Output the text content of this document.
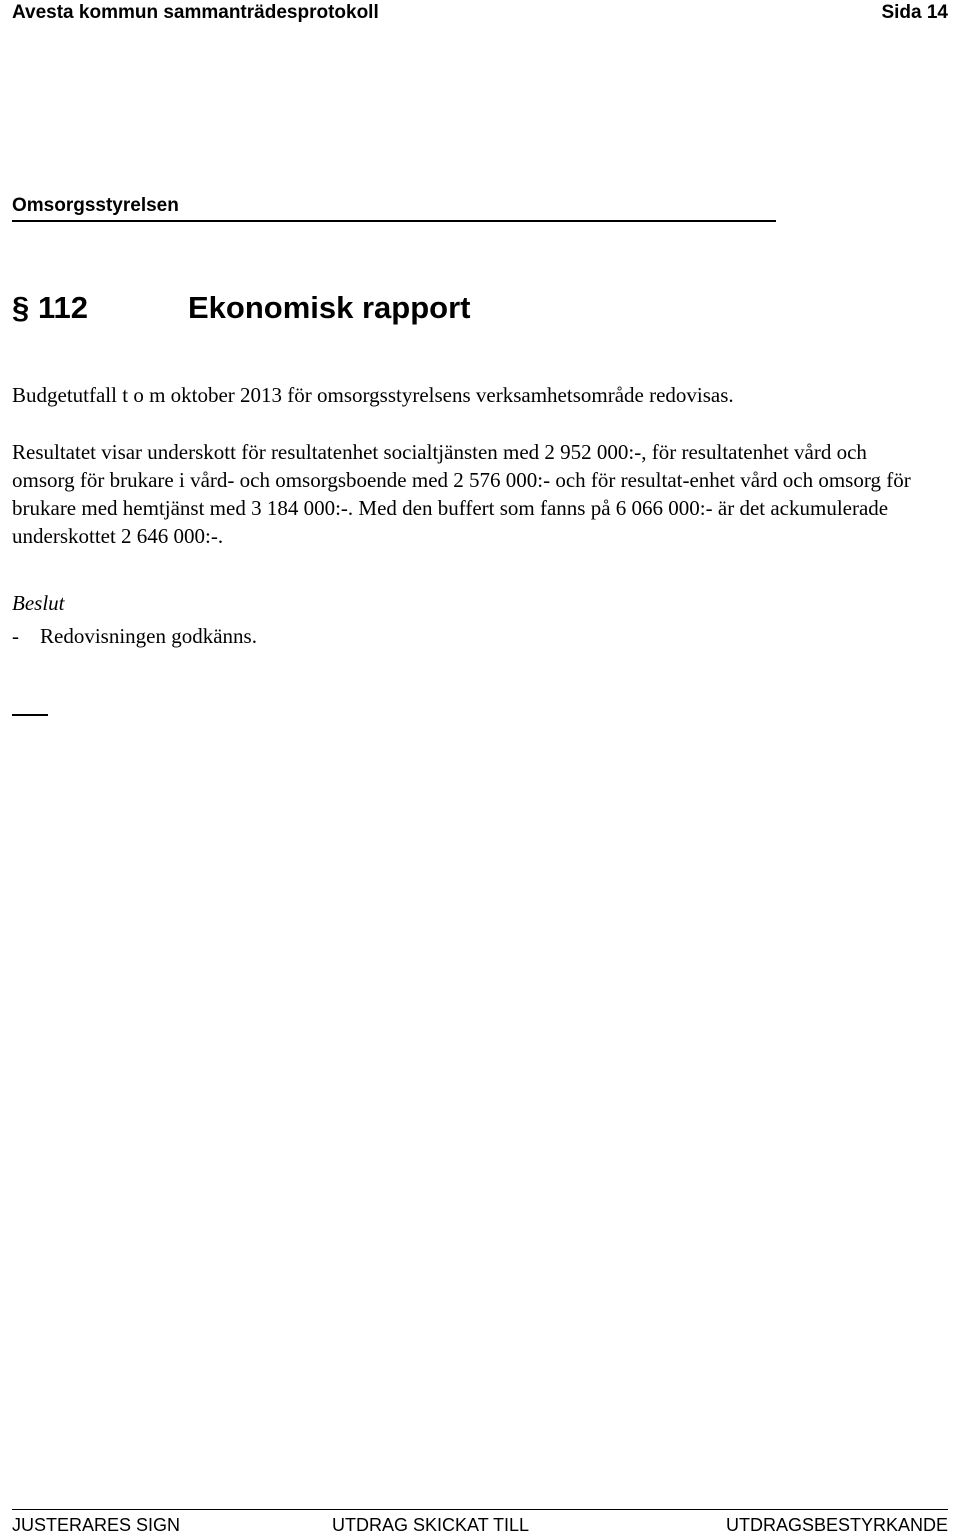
Avesta kommun sammanträdesprotokoll	Sida 14
Omsorgsstyrelsen
§ 112	Ekonomisk rapport
Budgetutfall t o m oktober 2013 för omsorgsstyrelsens verksamhetsområde redovisas.
Resultatet visar underskott för resultatenhet socialtjänsten med 2 952 000:-, för resultatenhet vård och omsorg för brukare i vård- och omsorgsboende med 2 576 000:- och för resultat-enhet vård och omsorg för brukare med hemtjänst med 3 184 000:-. Med den buffert som fanns på 6 066 000:- är det ackumulerade underskottet 2 646 000:-.
Beslut
- Redovisningen godkänns.
JUSTERARES SIGN	UTDRAG SKICKAT TILL	UTDRAGSBESTYRKANDE
